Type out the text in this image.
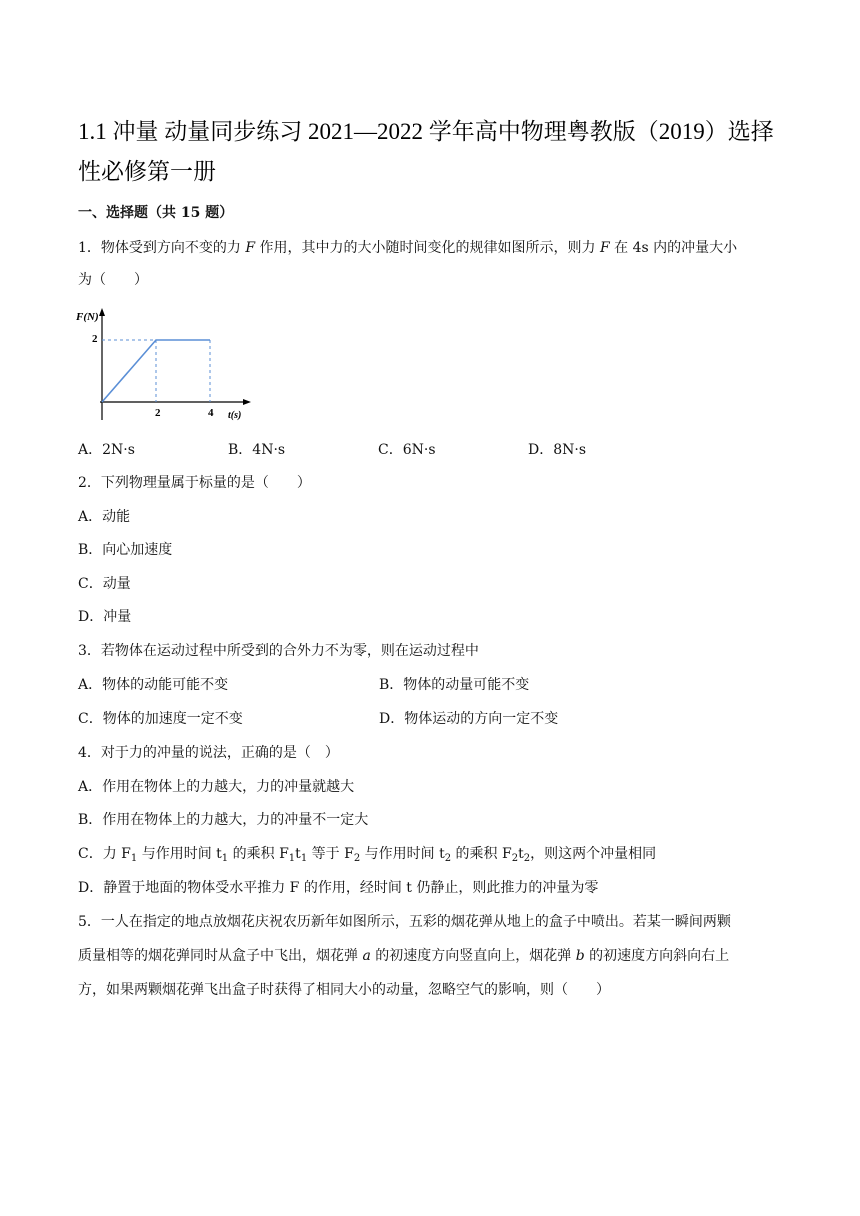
1.1 冲量 动量同步练习 2021—2022 学年高中物理粤教版（2019）选择
性必修第一册
一、选择题（共 15 题）
1．物体受到方向不变的力 F 作用，其中力的大小随时间变化的规律如图所示，则力 F 在 4s 内的冲量大小
为（　　）
F(N)
t(s)
2	4
2
A．2N·s	B．4N·s	C．6N·s	D．8N·s
2．下列物理量属于标量的是（　　）
A．动能
B．向心加速度
C．动量
D．冲量
3．若物体在运动过程中所受到的合外力不为零，则在运动过程中
A．物体的动能可能不变	B．物体的动量可能不变
C．物体的加速度一定不变	D．物体运动的方向一定不变
4．对于力的冲量的说法，正确的是（　）
A．作用在物体上的力越大，力的冲量就越大
B．作用在物体上的力越大，力的冲量不一定大
C．力 $F_1$ 与作用时间 $t_1$ 的乘积 $F_1t_1$ 等于 $F_2$ 与作用时间 $t_2$ 的乘积 $F_2t_2$，则这两个冲量相同
D．静置于地面的物体受水平推力 F 的作用，经时间 t 仍静止，则此推力的冲量为零
5．一人在指定的地点放烟花庆祝农历新年如图所示，五彩的烟花弹从地上的盒子中喷出。若某一瞬间两颗
质量相等的烟花弹同时从盒子中飞出，烟花弹 a 的初速度方向竖直向上，烟花弹 b 的初速度方向斜向右上
方，如果两颗烟花弹飞出盒子时获得了相同大小的动量，忽略空气的影响，则（　　）
